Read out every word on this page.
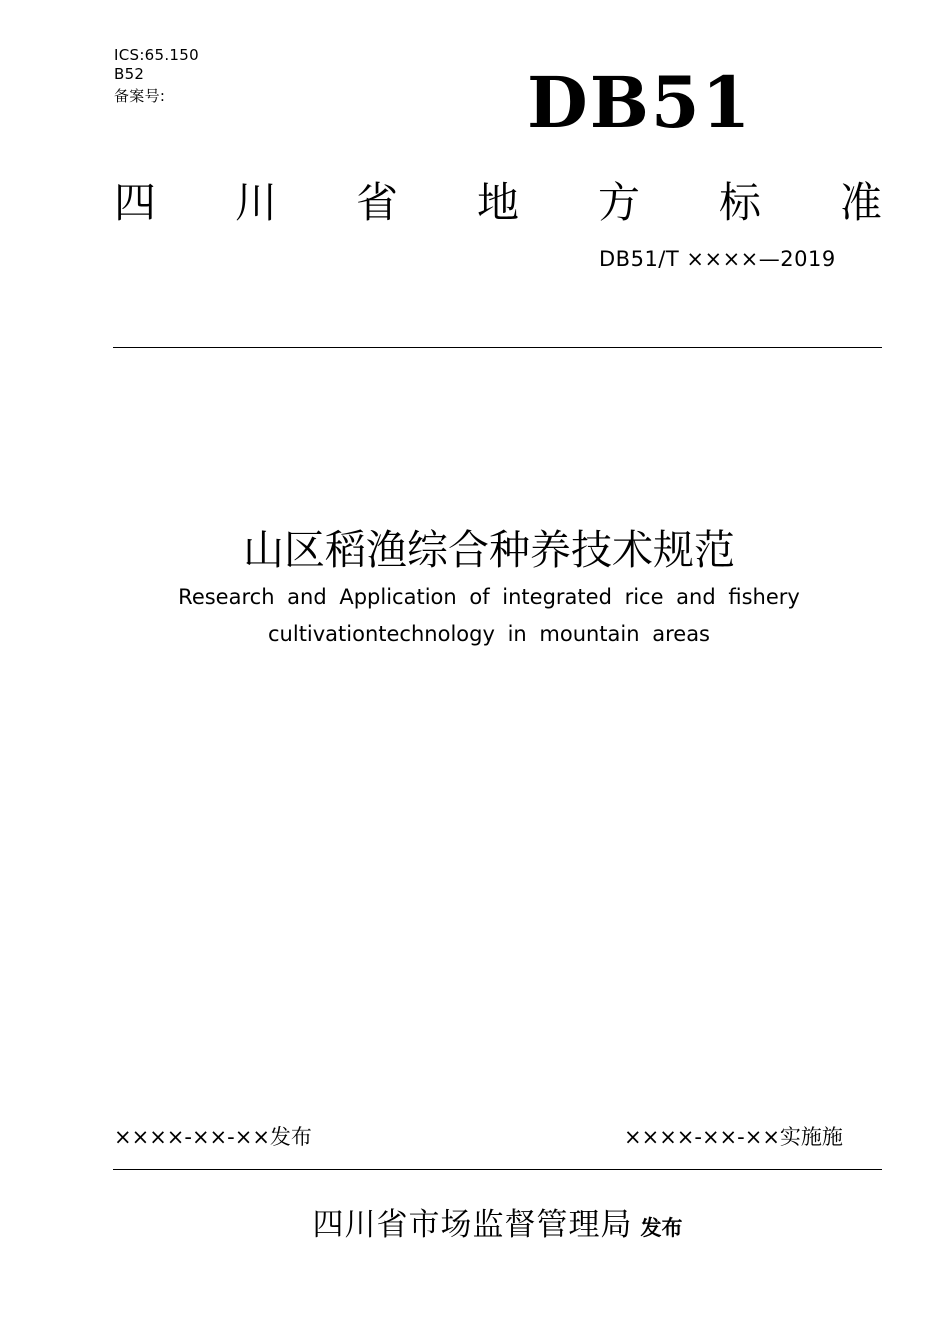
ICS:65.150
B52
备案号:	DB51
四 川 省 地 方 标 准
DB51/T ××××—2019
山区稻渔综合种养技术规范
Research and Application of integrated rice and fishery
cultivationtechnology in mountain areas
××××-××-××发布	××××-××-××实施施
四川省市场监督管理局 发布
